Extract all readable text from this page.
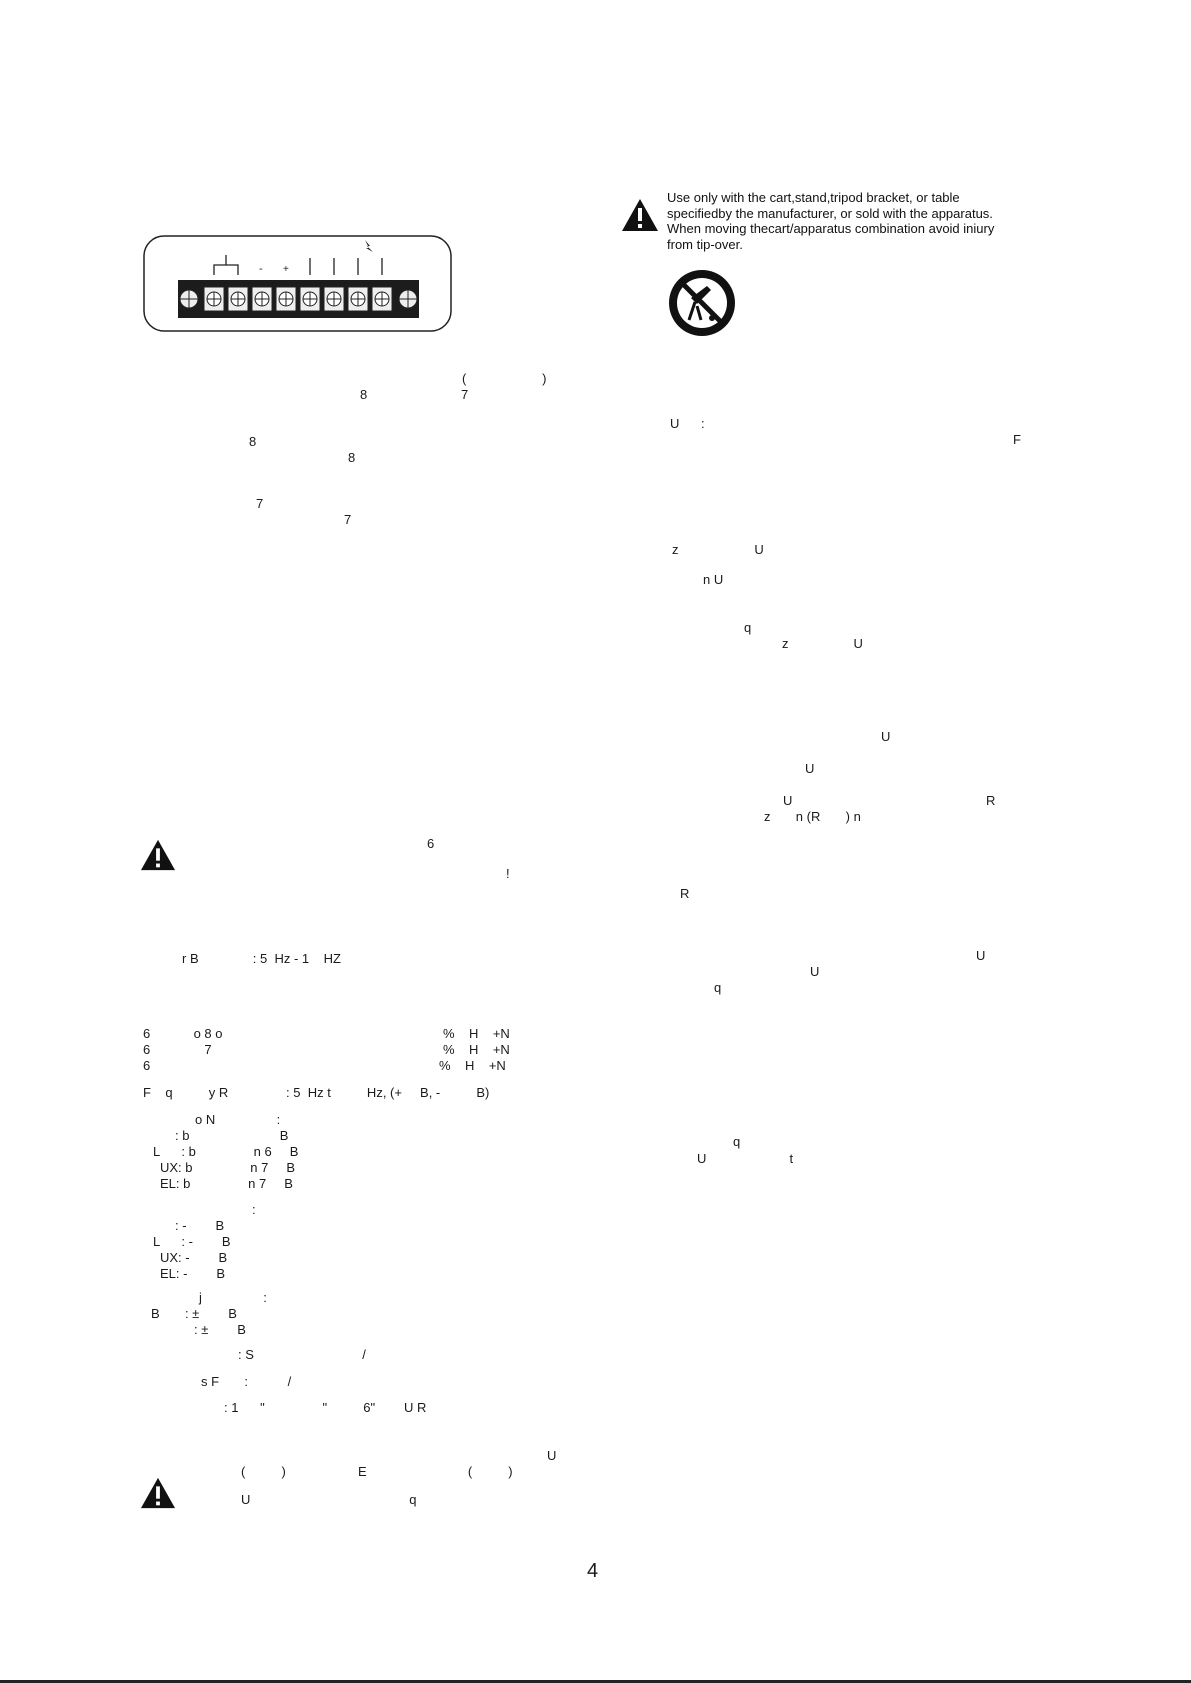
- +
Use only with the cart,stand,tripod bracket, or table
specifiedby the manufacturer, or sold with the apparatus.
When moving thecart/apparatus combination avoid iniury
from tip-over.
(                     )
8	7
8
8
7
7
6
!
r B               : 5  Hz - 1    HZ
6            o 8 o	%    H    +N
6               7	%    H    +N
6	%    H    +N
F    q          y R                : 5  Hz t          Hz, (+     B, -          B)
o N                 :
: b                         B
L      : b                n 6     B
UX: b                n 7     B
EL: b                n 7     B
:
: -        B
L      : -        B
UX: -        B
EL: -        B
j                 :
B       : ±        B
: ±        B
: S                              /
s F       :           /
: 1      "                "          6"        U R
U
(          )                    E                            (          )
U                                            q
U      :
F
z                     U
n U
q
z                  U
U
U
U	R
z       n (R       ) n
R
U
U
q
q
U                       t
4
